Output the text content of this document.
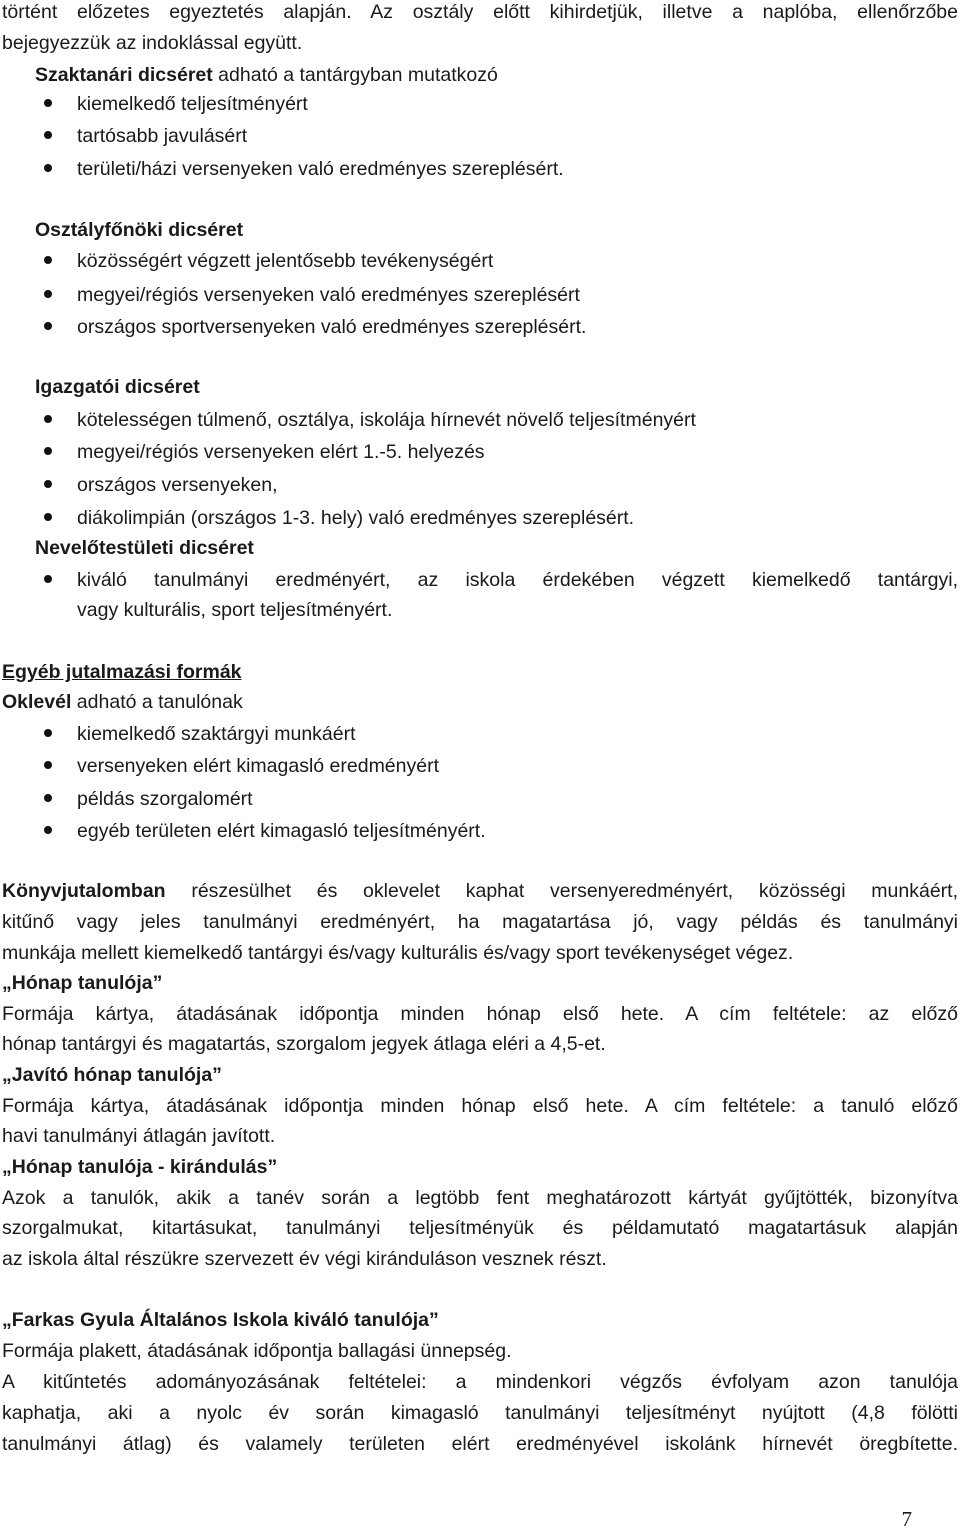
történt előzetes egyeztetés alapján. Az osztály előtt kihirdetjük, illetve a naplóba, ellenőrzőbe
bejegyezzük az indoklással együtt.
Szaktanári dicséret adható a tantárgyban mutatkozó
kiemelkedő teljesítményért
tartósabb javulásért
területi/házi versenyeken való eredményes szereplésért.
Osztályfőnöki dicséret
közösségért végzett jelentősebb tevékenységért
megyei/régiós versenyeken való eredményes szereplésért
országos sportversenyeken való eredményes szereplésért.
Igazgatói dicséret
kötelességen túlmenő, osztálya, iskolája hírnevét növelő teljesítményért
megyei/régiós versenyeken elért 1.-5. helyezés
országos versenyeken,
diákolimpián (országos 1-3. hely) való eredményes szereplésért.
Nevelőtestületi dicséret
kiváló tanulmányi eredményért, az iskola érdekében végzett kiemelkedő tantárgyi,
vagy kulturális, sport teljesítményért.
Egyéb jutalmazási formák
Oklevél adható a tanulónak
kiemelkedő szaktárgyi munkáért
versenyeken elért kimagasló eredményért
példás szorgalomért
egyéb területen elért kimagasló teljesítményért.
Könyvjutalomban részesülhet és oklevelet kaphat versenyeredményért, közösségi munkáért,
kitűnő vagy jeles tanulmányi eredményért, ha magatartása jó, vagy példás és tanulmányi
munkája mellett kiemelkedő tantárgyi és/vagy kulturális és/vagy sport tevékenységet végez.
„Hónap tanulója”
Formája kártya, átadásának időpontja minden hónap első hete. A cím feltétele: az előző
hónap tantárgyi és magatartás, szorgalom jegyek átlaga eléri a 4,5-et.
„Javító hónap tanulója”
Formája kártya, átadásának időpontja minden hónap első hete. A cím feltétele: a tanuló előző
havi tanulmányi átlagán javított.
„Hónap tanulója - kirándulás”
Azok a tanulók, akik a tanév során a legtöbb fent meghatározott kártyát gyűjtötték, bizonyítva
szorgalmukat, kitartásukat, tanulmányi teljesítményük és példamutató magatartásuk alapján
az iskola által részükre szervezett év végi kiránduláson vesznek részt.
„Farkas Gyula Általános Iskola kiváló tanulója”
Formája plakett, átadásának időpontja ballagási ünnepség.
A kitűntetés adományozásának feltételei: a mindenkori végzős évfolyam azon tanulója
kaphatja, aki a nyolc év során kimagasló tanulmányi teljesítményt nyújtott (4,8 fölötti
tanulmányi átlag) és valamely területen elért eredményével iskolánk hírnevét öregbítette.
7
